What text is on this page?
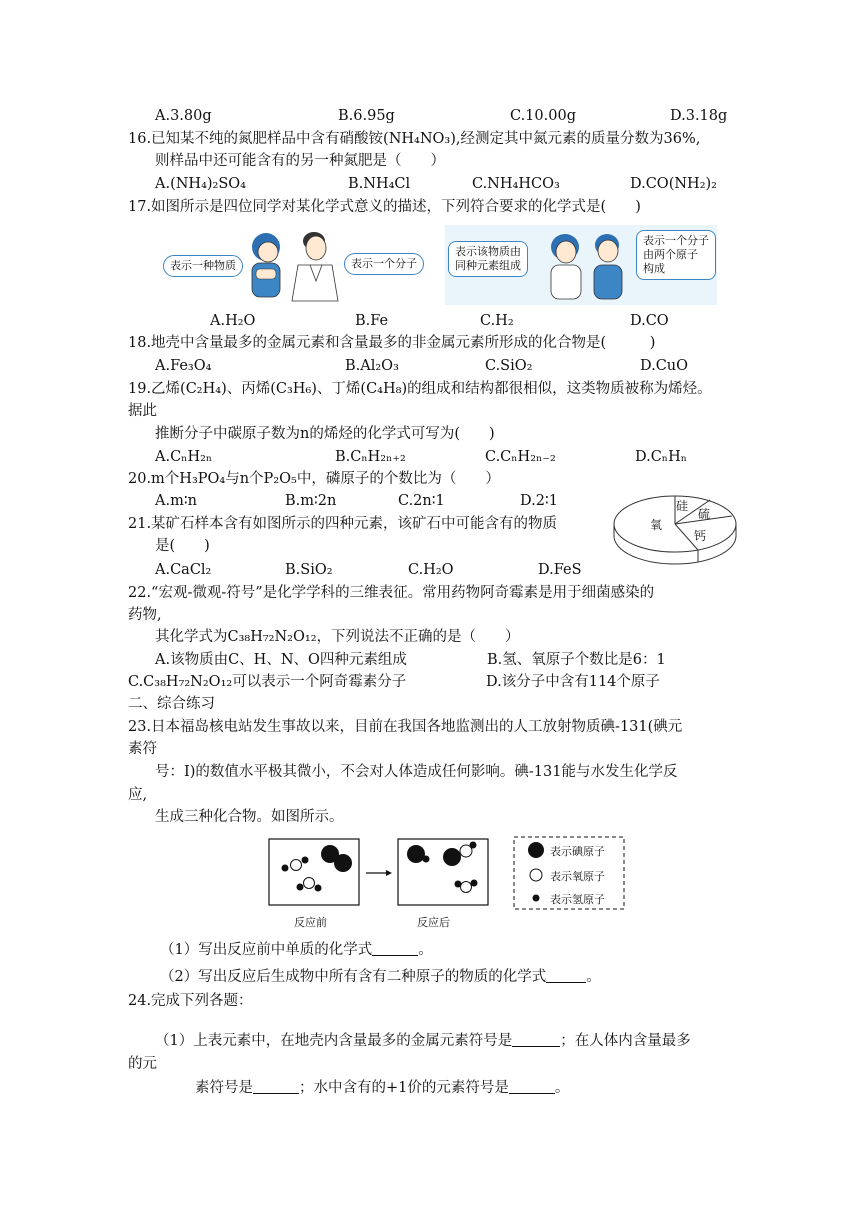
A.3.80g	B.6.95g	C.10.00g	D.3.18g
16.已知某不纯的氮肥样品中含有硝酸铵(NH₄NO₃),经测定其中氮元素的质量分数为36%,
则样品中还可能含有的另一种氮肥是（　　）
A.(NH₄)₂SO₄	B.NH₄Cl	C.NH₄HCO₃	D.CO(NH₂)₂
17.如图所示是四位同学对某化学式意义的描述，下列符合要求的化学式是(　　)
表示一种物质	表示一个分子
表示该物质由
同种元素组成
表示一个分子
由两个原子
构成
A.H₂O	B.Fe	C.H₂	D.CO
18.地壳中含量最多的金属元素和含量最多的非金属元素所形成的化合物是(　　　)
A.Fe₃O₄	B.Al₂O₃	C.SiO₂	D.CuO
19.乙烯(C₂H₄)、丙烯(C₃H₆)、丁烯(C₄H₈)的组成和结构都很相似，这类物质被称为烯烃。
据此
推断分子中碳原子数为n的烯烃的化学式可写为(　　)
A.CₙH₂ₙ	B.CₙH₂ₙ₊₂	C.CₙH₂ₙ₋₂	D.CₙHₙ
20.m个H₃PO₄与n个P₂O₅中，磷原子的个数比为（　　）
A.m∶n	B.m∶2n	C.2n∶1	D.2∶1
21.某矿石样本含有如图所示的四种元素，该矿石中可能含有的物质
是(　　)
A.CaCl₂	B.SiO₂	C.H₂O	D.FeS
氧
硅
硫
钙
22.“宏观-微观-符号”是化学学科的三维表征。常用药物阿奇霉素是用于细菌感染的
药物,
其化学式为C₃₈H₇₂N₂O₁₂，下列说法不正确的是（　　）
A.该物质由C、H、N、O四种元素组成	B.氢、氧原子个数比是6：1
C.C₃₈H₇₂N₂O₁₂可以表示一个阿奇霉素分子	D.该分子中含有114个原子
二、综合练习
23.日本福岛核电站发生事故以来，目前在我国各地监测出的人工放射物质碘-131(碘元
素符
号：I)的数值水平极其微小，不会对人体造成任何影响。碘-131能与水发生化学反
应,
生成三种化合物。如图所示。
表示碘原子
表示氧原子
表示氢原子
反应前	反应后
（1）写出反应前中单质的化学式	。
（2）写出反应后生成物中所有含有二种原子的物质的化学式	。
24.完成下列各题：
（1）上表元素中，在地壳内含量最多的金属元素符号是	；在人体内含量最多
的元
素符号是	；水中含有的+1价的元素符号是	。
